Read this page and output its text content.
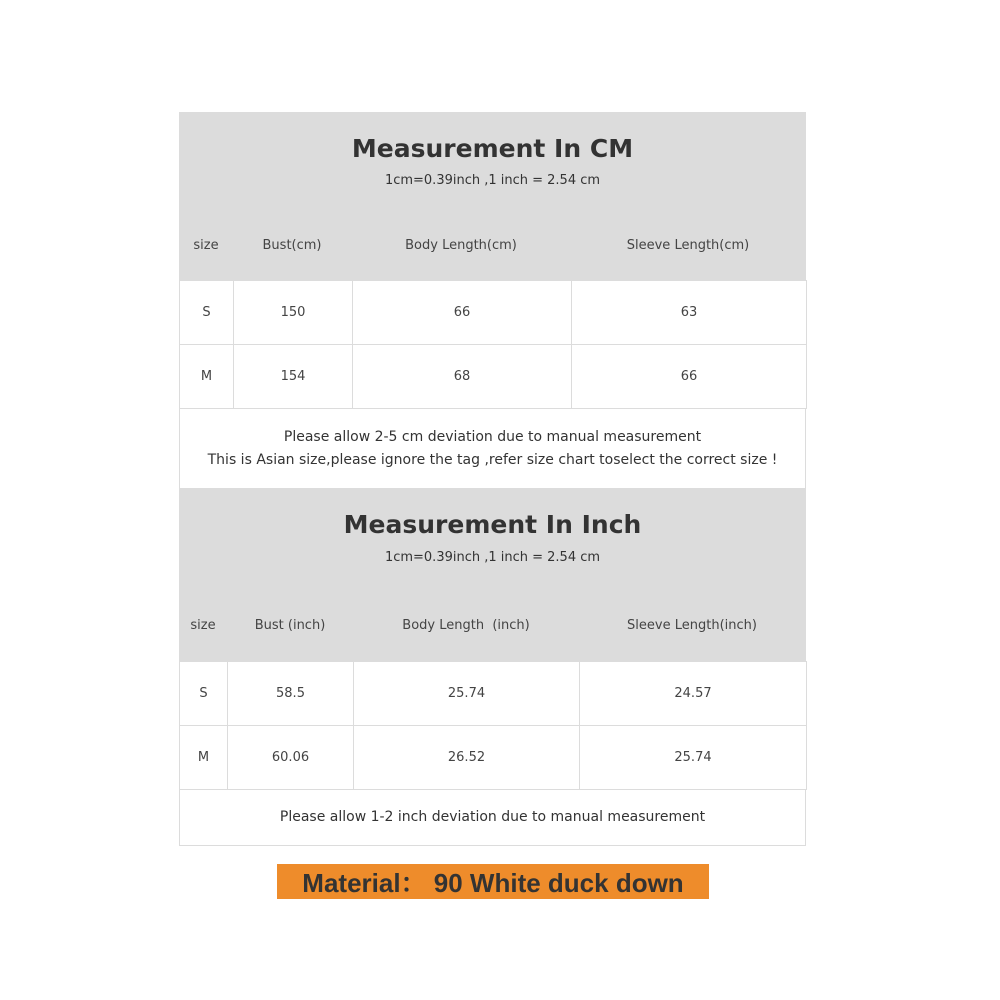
Measurement In CM
1cm=0.39inch ,1 inch = 2.54 cm
size	Bust(cm)	Body Length(cm)	Sleeve Length(cm)
S	150	66	63
M	154	68	66
Please allow 2-5 cm deviation due to manual measurement
This is Asian size,please ignore the tag ,refer size chart toselect the correct size !
Measurement In Inch
1cm=0.39inch ,1 inch = 2.54 cm
size	Bust (inch)	Body Length  (inch)	Sleeve Length(inch)
S	58.5	25.74	24.57
M	60.06	26.52	25.74
Please allow 1-2 inch deviation due to manual measurement
Material： 90 White duck down
